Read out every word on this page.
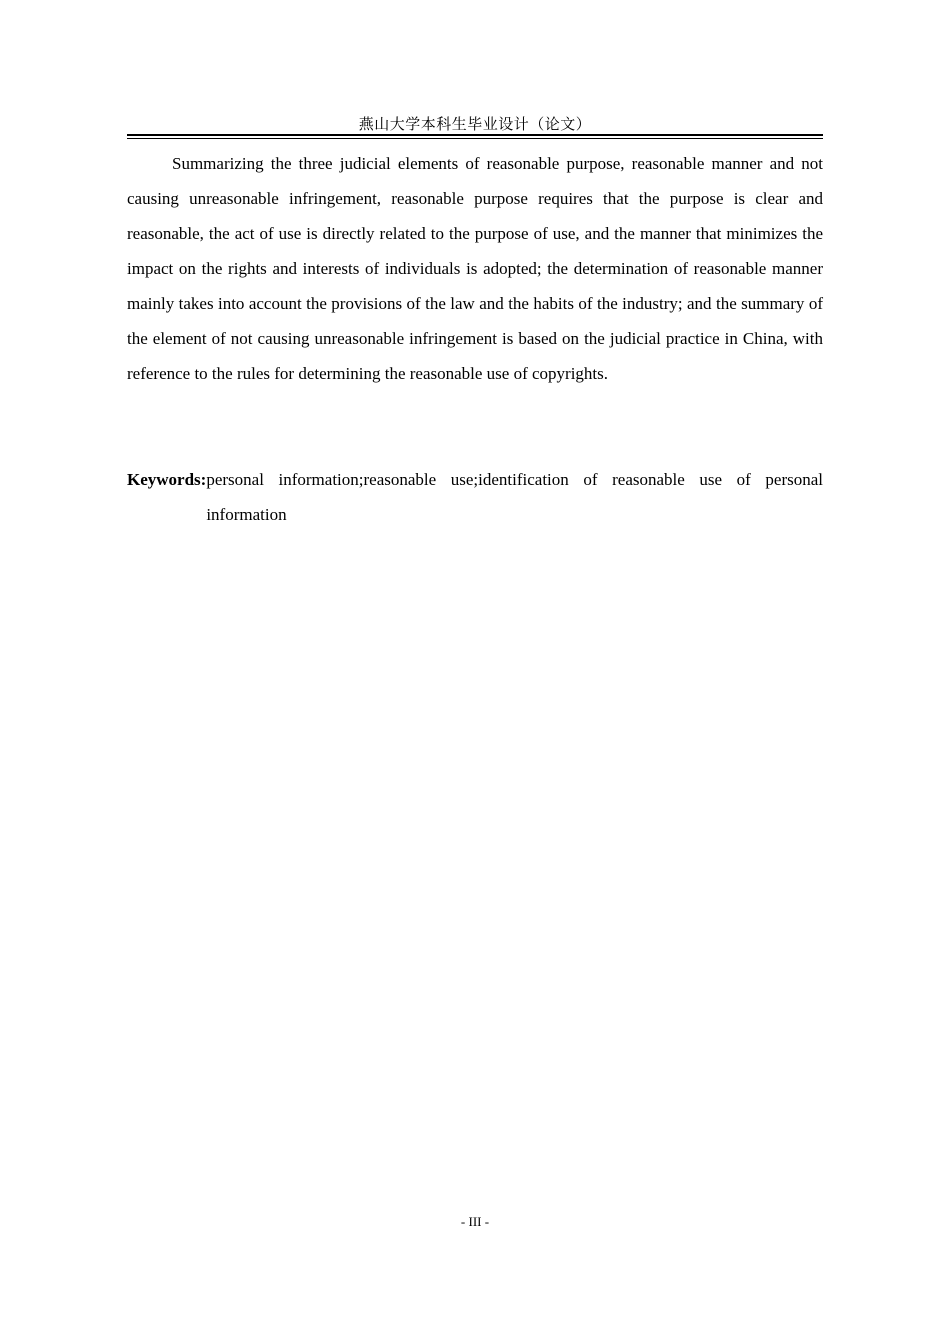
燕山大学本科生毕业设计（论文）

Summarizing the three judicial elements of reasonable purpose, reasonable manner and not causing unreasonable infringement, reasonable purpose requires that the purpose is clear and reasonable, the act of use is directly related to the purpose of use, and the manner that minimizes the impact on the rights and interests of individuals is adopted; the determination of reasonable manner mainly takes into account the provisions of the law and the habits of the industry; and the summary of the element of not causing unreasonable infringement is based on the judicial practice in China, with reference to the rules for determining the reasonable use of copyrights.

Keywords: personal information;reasonable use;identification of reasonable use of personal information
- III -
